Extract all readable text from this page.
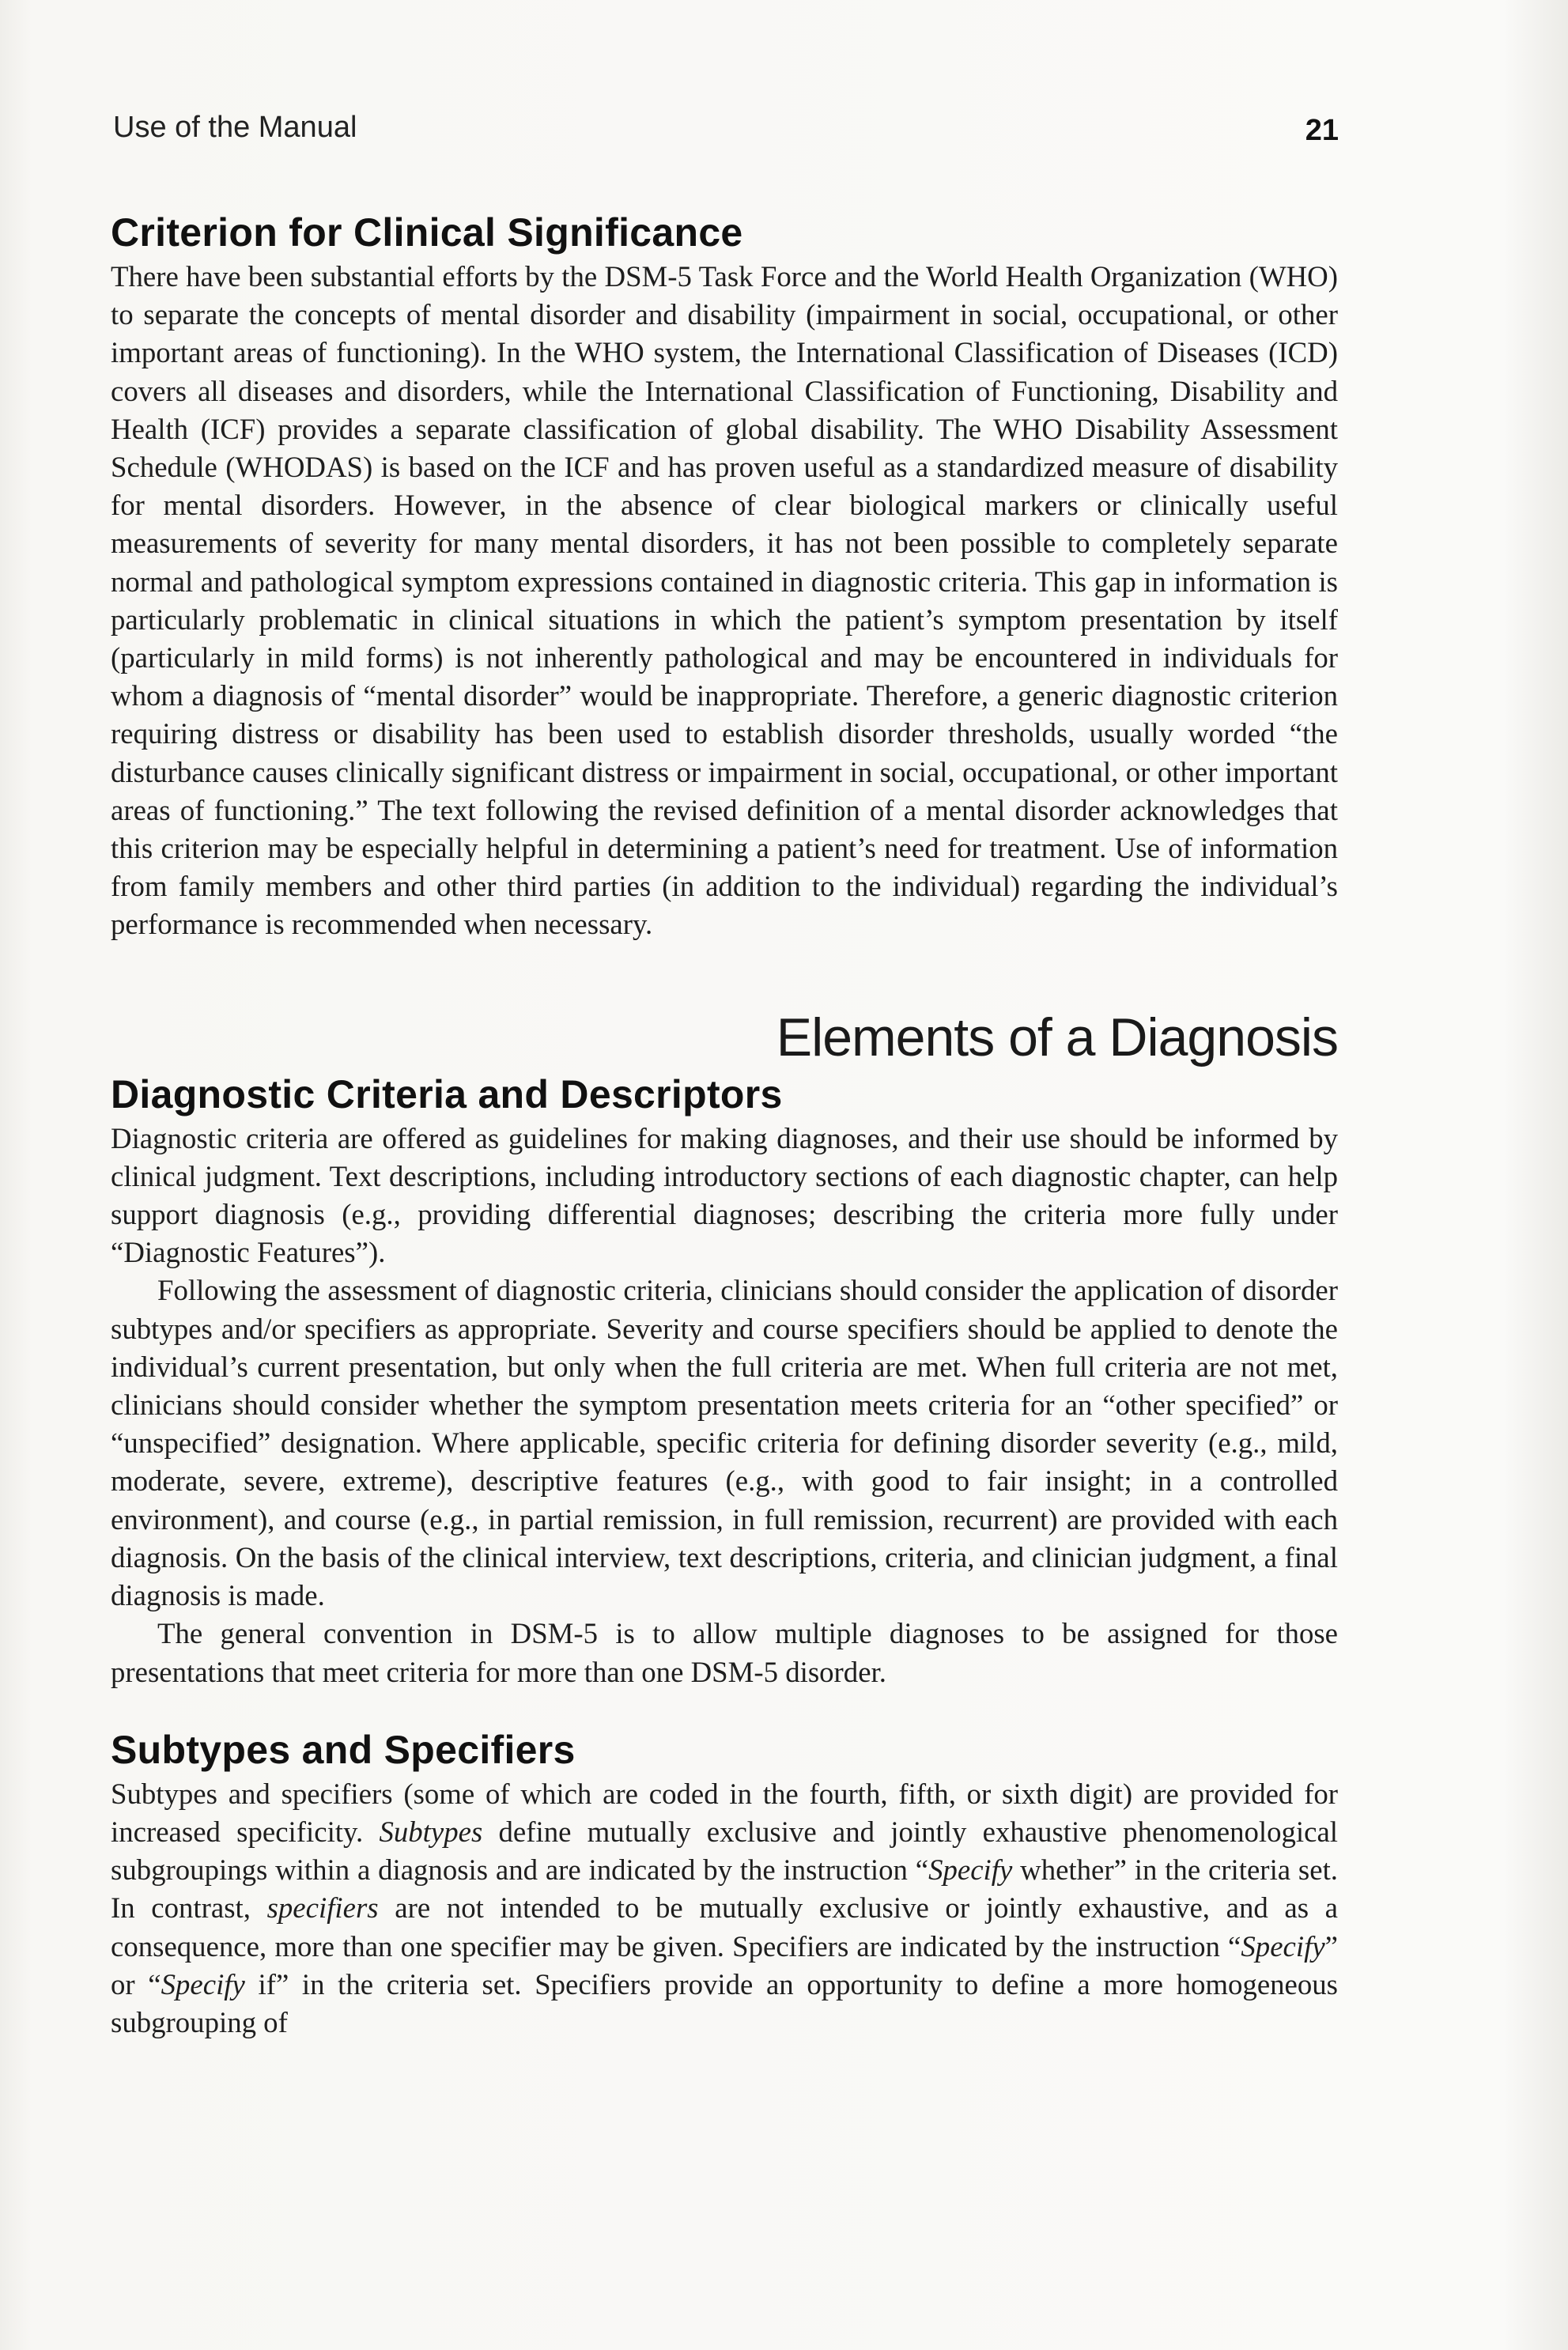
Use of the Manual	21
Criterion for Clinical Significance

There have been substantial efforts by the DSM-5 Task Force and the World Health Organization (WHO) to separate the concepts of mental disorder and disability (impairment in social, occupational, or other important areas of functioning). In the WHO system, the International Classification of Diseases (ICD) covers all diseases and disorders, while the International Classification of Functioning, Disability and Health (ICF) provides a separate classification of global disability. The WHO Disability Assessment Schedule (WHODAS) is based on the ICF and has proven useful as a standardized measure of disability for mental disorders. However, in the absence of clear biological markers or clinically useful measurements of severity for many mental disorders, it has not been possible to completely separate normal and pathological symptom expressions contained in diagnostic criteria. This gap in information is particularly problematic in clinical situations in which the patient’s symptom presentation by itself (particularly in mild forms) is not inherently pathological and may be encountered in individuals for whom a diagnosis of “mental disorder” would be inappropriate. Therefore, a generic diagnostic criterion requiring distress or disability has been used to establish disorder thresholds, usually worded “the disturbance causes clinically significant distress or impairment in social, occupational, or other important areas of functioning.” The text following the revised definition of a mental disorder acknowledges that this criterion may be especially helpful in determining a patient’s need for treatment. Use of information from family members and other third parties (in addition to the individual) regarding the individual’s performance is recommended when necessary.

Elements of a Diagnosis
Diagnostic Criteria and Descriptors

Diagnostic criteria are offered as guidelines for making diagnoses, and their use should be informed by clinical judgment. Text descriptions, including introductory sections of each diagnostic chapter, can help support diagnosis (e.g., providing differential diagnoses; describing the criteria more fully under “Diagnostic Features”).

Following the assessment of diagnostic criteria, clinicians should consider the application of disorder subtypes and/or specifiers as appropriate. Severity and course specifiers should be applied to denote the individual’s current presentation, but only when the full criteria are met. When full criteria are not met, clinicians should consider whether the symptom presentation meets criteria for an “other specified” or “unspecified” designation. Where applicable, specific criteria for defining disorder severity (e.g., mild, moderate, severe, extreme), descriptive features (e.g., with good to fair insight; in a controlled environment), and course (e.g., in partial remission, in full remission, recurrent) are provided with each diagnosis. On the basis of the clinical interview, text descriptions, criteria, and clinician judgment, a final diagnosis is made.

The general convention in DSM-5 is to allow multiple diagnoses to be assigned for those presentations that meet criteria for more than one DSM-5 disorder.

Subtypes and Specifiers

Subtypes and specifiers (some of which are coded in the fourth, fifth, or sixth digit) are provided for increased specificity. Subtypes define mutually exclusive and jointly exhaustive phenomenological subgroupings within a diagnosis and are indicated by the instruction “Specify whether” in the criteria set. In contrast, specifiers are not intended to be mutually exclusive or jointly exhaustive, and as a consequence, more than one specifier may be given. Specifiers are indicated by the instruction “Specify” or “Specify if” in the criteria set. Specifiers provide an opportunity to define a more homogeneous subgrouping of
